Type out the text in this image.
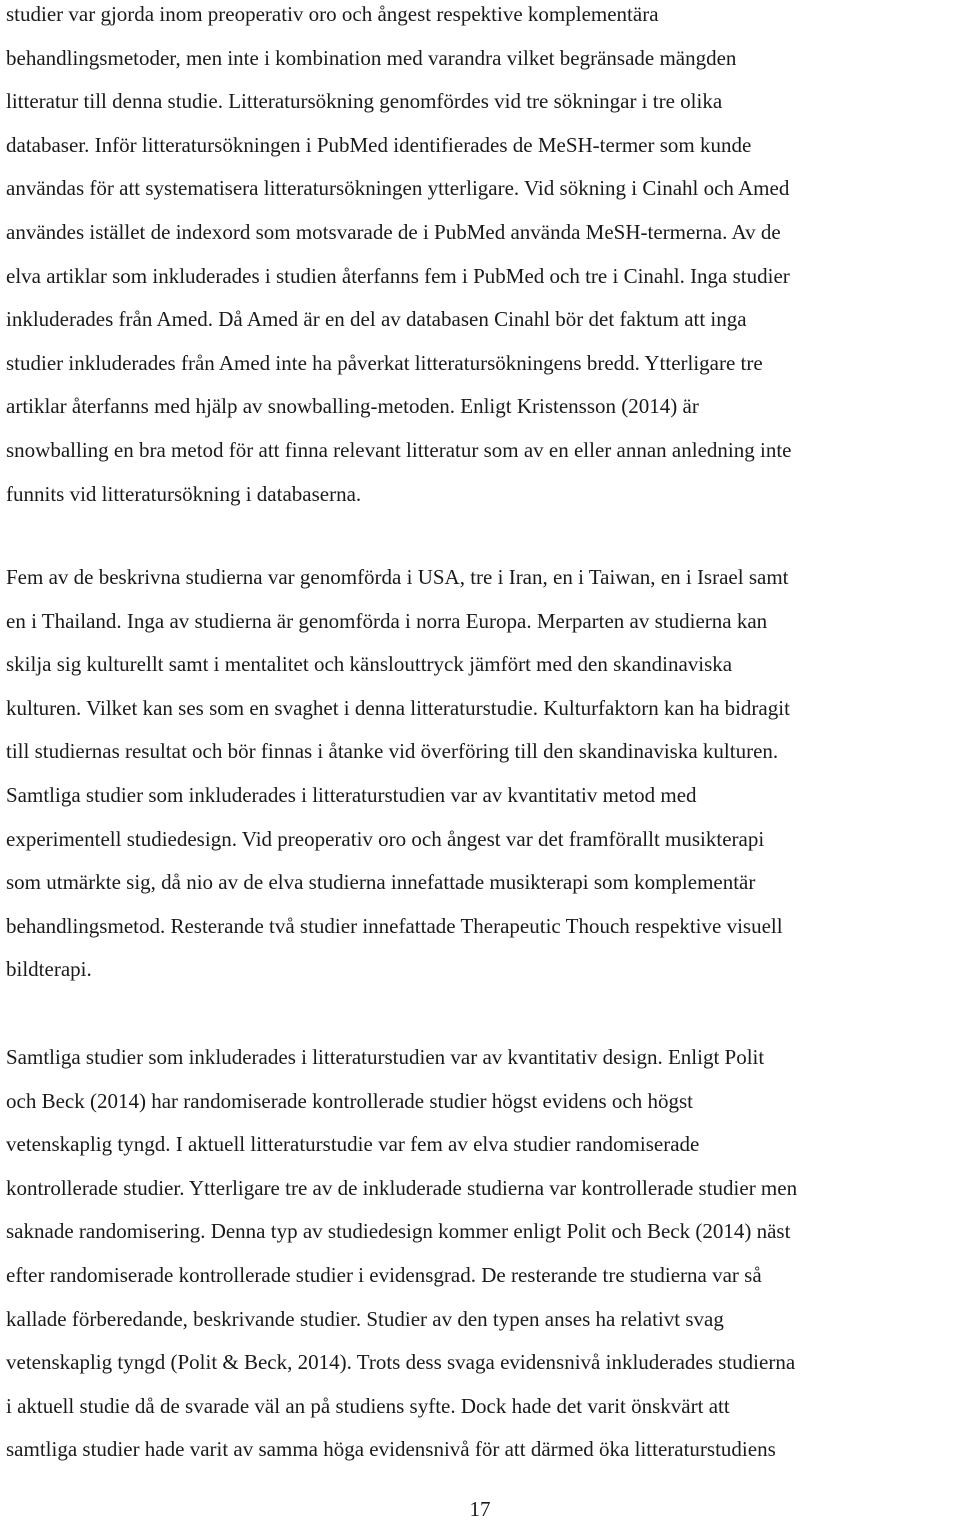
studier var gjorda inom preoperativ oro och ångest respektive komplementära
behandlingsmetoder, men inte i kombination med varandra vilket begränsade mängden
litteratur till denna studie. Litteratursökning genomfördes vid tre sökningar i tre olika
databaser. Inför litteratursökningen i PubMed identifierades de MeSH-termer som kunde
användas för att systematisera litteratursökningen ytterligare. Vid sökning i Cinahl och Amed
användes istället de indexord som motsvarade de i PubMed använda MeSH-termerna. Av de
elva artiklar som inkluderades i studien återfanns fem i PubMed och tre i Cinahl. Inga studier
inkluderades från Amed. Då Amed är en del av databasen Cinahl bör det faktum att inga
studier inkluderades från Amed inte ha påverkat litteratursökningens bredd. Ytterligare tre
artiklar återfanns med hjälp av snowballing-metoden. Enligt Kristensson (2014) är
snowballing en bra metod för att finna relevant litteratur som av en eller annan anledning inte
funnits vid litteratursökning i databaserna.

Fem av de beskrivna studierna var genomförda i USA, tre i Iran, en i Taiwan, en i Israel samt
en i Thailand. Inga av studierna är genomförda i norra Europa. Merparten av studierna kan
skilja sig kulturellt samt i mentalitet och känslouttryck jämfört med den skandinaviska
kulturen. Vilket kan ses som en svaghet i denna litteraturstudie. Kulturfaktorn kan ha bidragit
till studiernas resultat och bör finnas i åtanke vid överföring till den skandinaviska kulturen.
Samtliga studier som inkluderades i litteraturstudien var av kvantitativ metod med
experimentell studiedesign. Vid preoperativ oro och ångest var det framförallt musikterapi
som utmärkte sig, då nio av de elva studierna innefattade musikterapi som komplementär
behandlingsmetod. Resterande två studier innefattade Therapeutic Thouch respektive visuell
bildterapi.

Samtliga studier som inkluderades i litteraturstudien var av kvantitativ design. Enligt Polit
och Beck (2014) har randomiserade kontrollerade studier högst evidens och högst
vetenskaplig tyngd. I aktuell litteraturstudie var fem av elva studier randomiserade
kontrollerade studier. Ytterligare tre av de inkluderade studierna var kontrollerade studier men
saknade randomisering. Denna typ av studiedesign kommer enligt Polit och Beck (2014) näst
efter randomiserade kontrollerade studier i evidensgrad. De resterande tre studierna var så
kallade förberedande, beskrivande studier. Studier av den typen anses ha relativt svag
vetenskaplig tyngd (Polit & Beck, 2014). Trots dess svaga evidensnivå inkluderades studierna
i aktuell studie då de svarade väl an på studiens syfte. Dock hade det varit önskvärt att
samtliga studier hade varit av samma höga evidensnivå för att därmed öka litteraturstudiens

17
